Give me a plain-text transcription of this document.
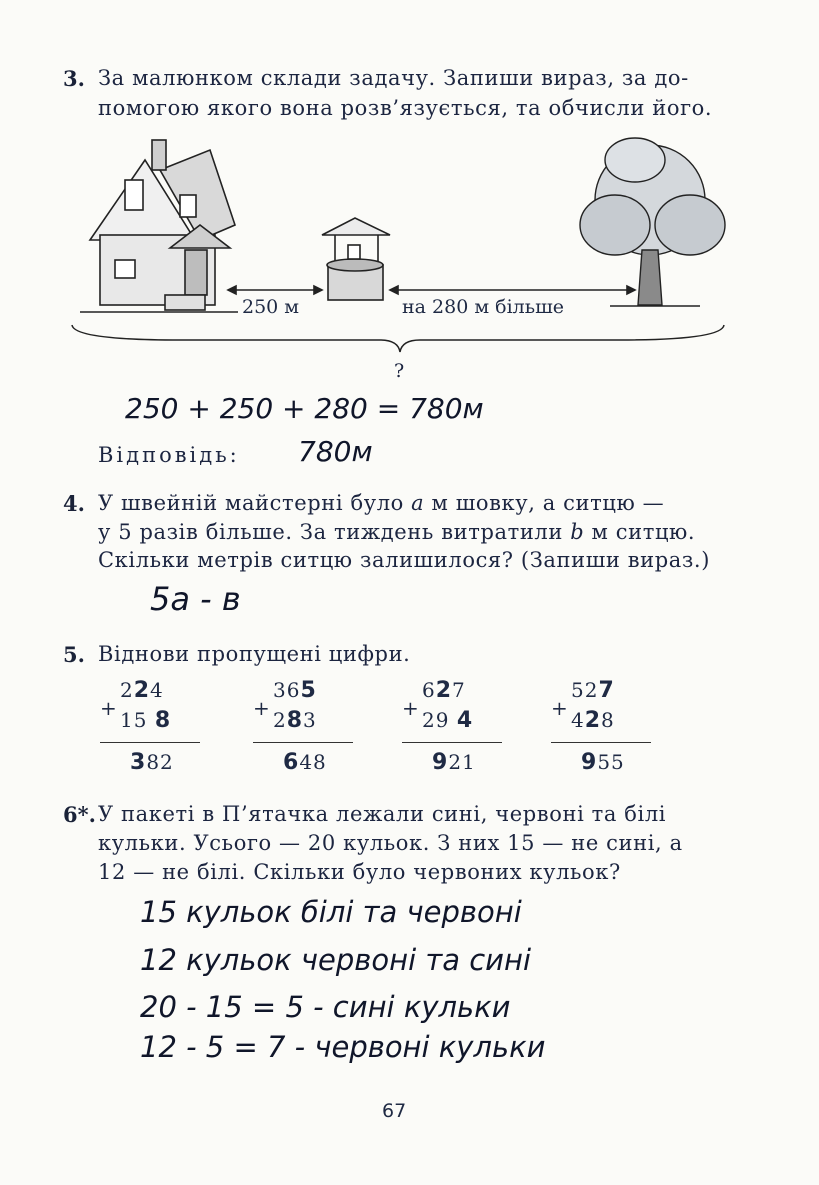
3. За малюнком склади задачу. Запиши вираз, за до-
помогою якого вона розв’язується, та обчисли його.
250 м	на 280 м більше
?
250 + 250 + 280 = 780м
Відповідь: 780м
4. У швейній майстерні було a м шовку, а ситцю —
у 5 разів більше. За тиждень витратили b м ситцю.
Скільки метрів ситцю залишилося? (Запиши вираз.)
5а - в
5. Віднови пропущені цифри.
+
224
15 8
382
+
365
283
648
+
627
29 4
921
+
527
428
955
6*. У пакеті в П’ятачка лежали сині, червоні та білі
кульки. Усього — 20 кульок. З них 15 — не сині, а
12 — не білі. Скільки було червоних кульок?
15 кульок білі та червоні
12 кульок червоні та сині
20 - 15 = 5 - сині кульки
12 - 5 = 7 - червоні кульки
67
